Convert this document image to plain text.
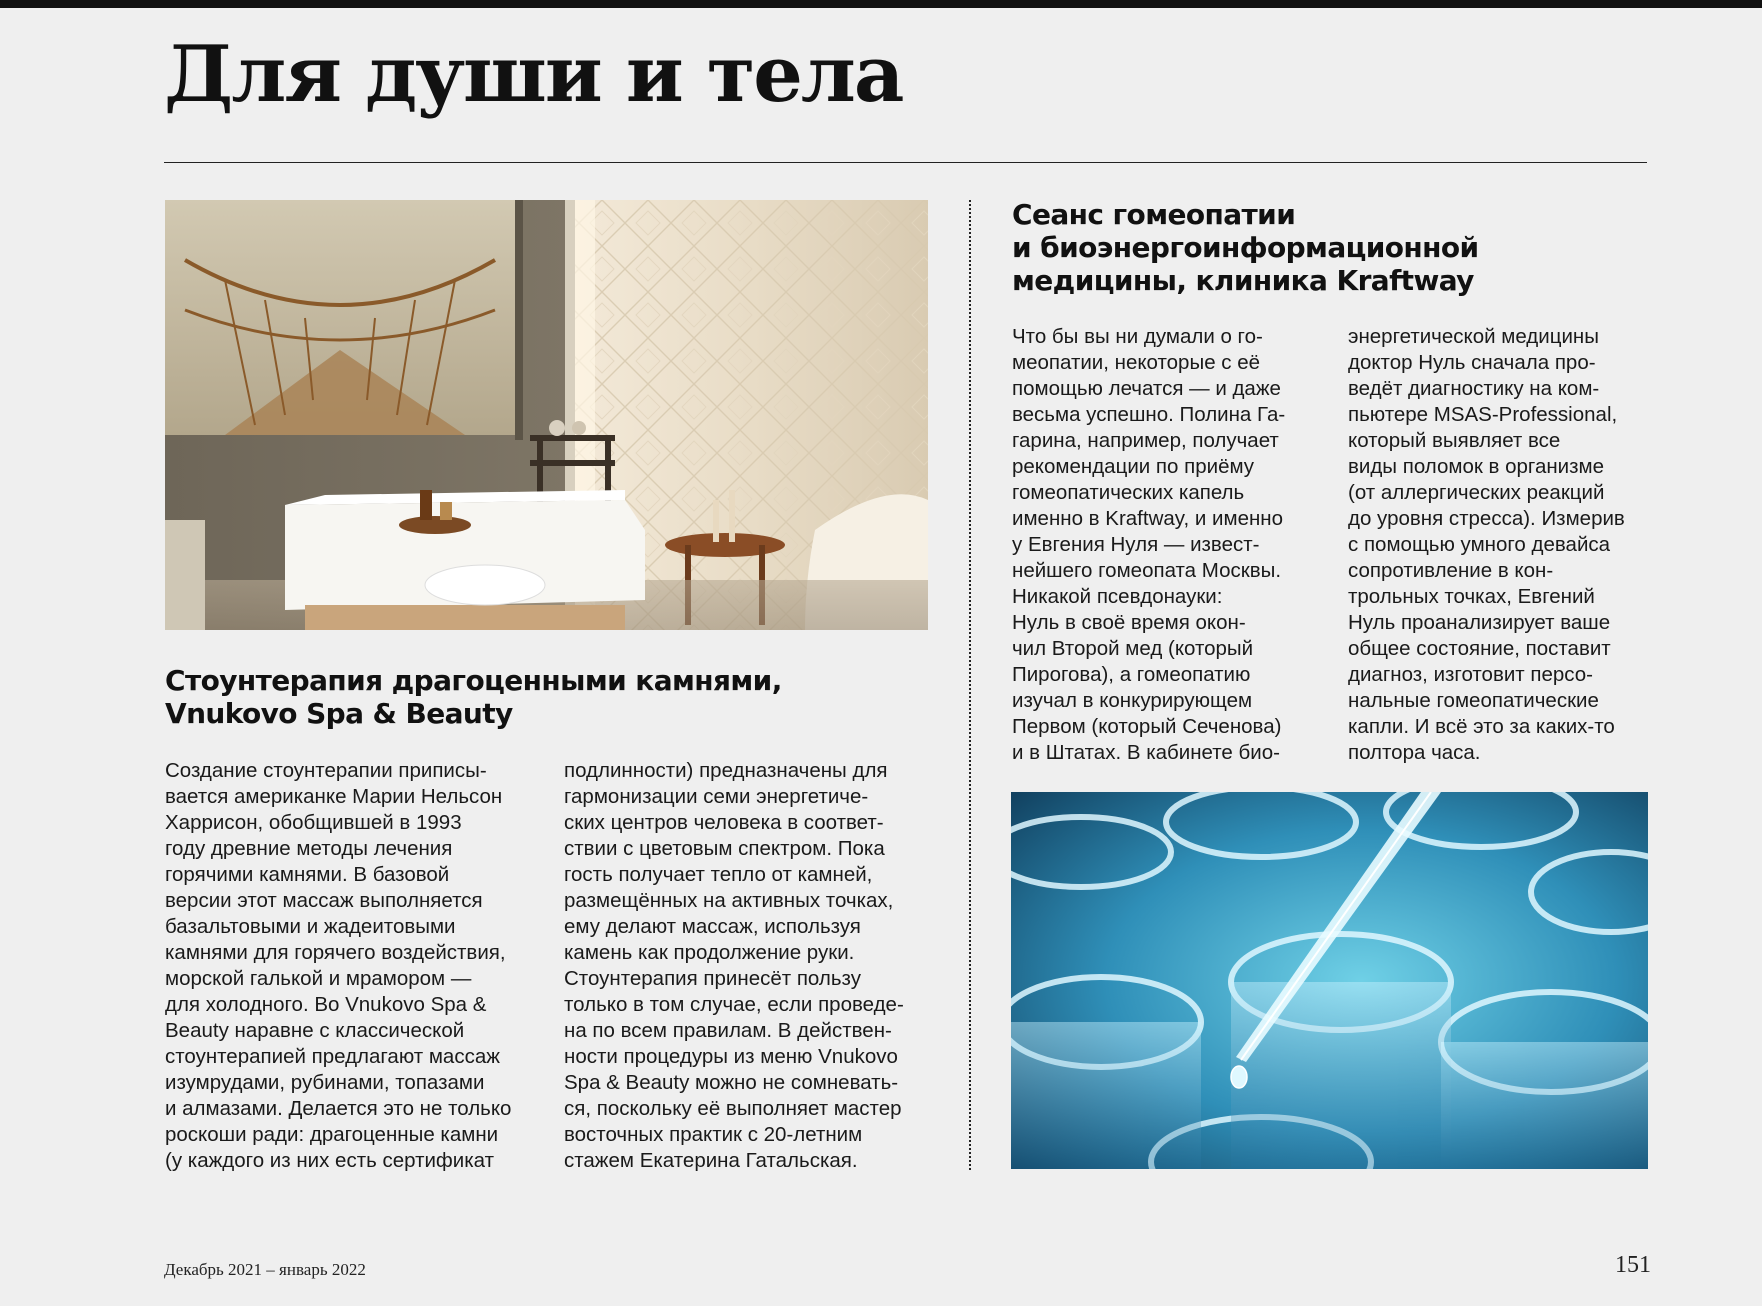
Для души и тела
Стоунтерапия драгоценными камнями,
Vnukovo Spa & Beauty

Создание стоунтерапии приписы-
вается американке Марии Нельсон
Харрисон, обобщившей в 1993
году древние методы лечения
горячими камнями. В базовой
версии этот массаж выполняется
базальтовыми и жадеитовыми
камнями для горячего воздействия,
морской галькой и мрамором —
для холодного. Во Vnukovo Spa &
Beauty наравне с классической
стоунтерапией предлагают массаж
изумрудами, рубинами, топазами
и алмазами. Делается это не только
роскоши ради: драгоценные камни
(у каждого из них есть сертификат

подлинности) предназначены для
гармонизации семи энергетиче-
ских центров человека в соответ-
ствии с цветовым спектром. Пока
гость получает тепло от камней,
размещённых на активных точках,
ему делают массаж, используя
камень как продолжение руки.
Стоунтерапия принесёт пользу
только в том случае, если проведе-
на по всем правилам. В действен-
ности процедуры из меню Vnukovo
Spa & Beauty можно не сомневать-
ся, поскольку её выполняет мастер
восточных практик с 20-летним
стажем Екатерина Гатальская.

Сеанс гомеопатии
и биоэнергоинформационной
медицины, клиника Kraftway

Что бы вы ни думали о го-
меопатии, некоторые с её
помощью лечатся — и даже
весьма успешно. Полина Га-
гарина, например, получает
рекомендации по приёму
гомеопатических капель
именно в Kraftway, и именно
у Евгения Нуля — извест-
нейшего гомеопата Москвы.
Никакой псевдонауки:
Нуль в своё время окон-
чил Второй мед (который
Пирогова), а гомеопатию
изучал в конкурирующем
Первом (который Сеченова)
и в Штатах. В кабинете био-

энергетической медицины
доктор Нуль сначала про-
ведёт диагностику на ком-
пьютере MSAS-Professional,
который выявляет все
виды поломок в организме
(от аллергических реакций
до уровня стресса). Измерив
с помощью умного девайса
сопротивление в кон-
трольных точках, Евгений
Нуль проанализирует ваше
общее состояние, поставит
диагноз, изготовит персо-
нальные гомеопатические
капли. И всё это за каких-то
полтора часа.

Декабрь 2021 – январь 2022	151
